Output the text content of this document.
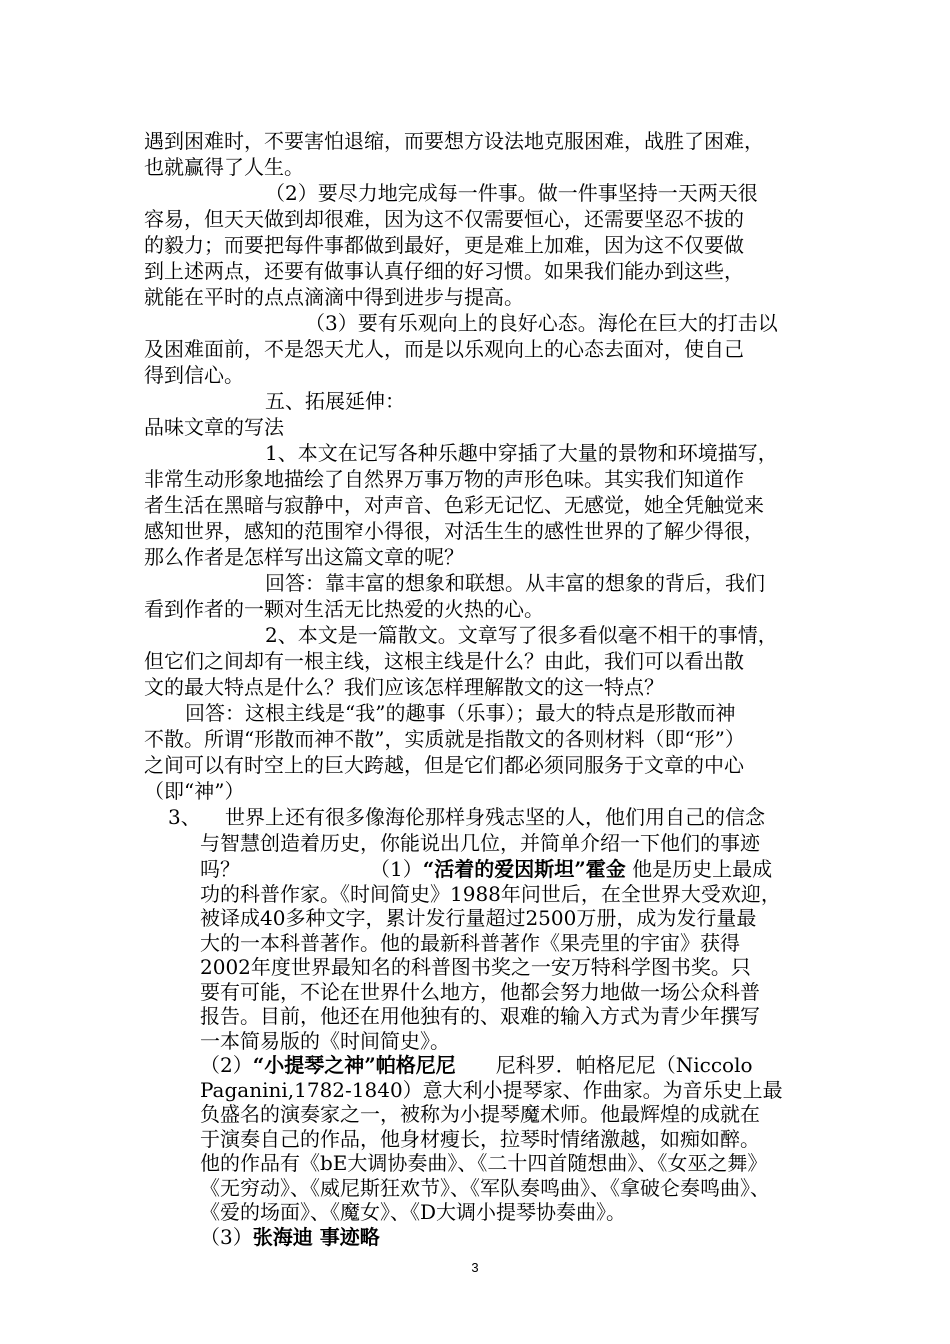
遇到困难时，不要害怕退缩，而要想方设法地克服困难，战胜了困难，
也就赢得了人生。
（2）要尽力地完成每一件事。做一件事坚持一天两天很
容易，但天天做到却很难，因为这不仅需要恒心，还需要坚忍不拔的
的毅力；而要把每件事都做到最好，更是难上加难，因为这不仅要做
到上述两点，还要有做事认真仔细的好习惯。如果我们能办到这些，
就能在平时的点点滴滴中得到进步与提高。
（3）要有乐观向上的良好心态。海伦在巨大的打击以
及困难面前，不是怨天尤人，而是以乐观向上的心态去面对，使自己
得到信心。
五、拓展延伸：
品味文章的写法
1、本文在记写各种乐趣中穿插了大量的景物和环境描写，
非常生动形象地描绘了自然界万事万物的声形色味。其实我们知道作
者生活在黑暗与寂静中，对声音、色彩无记忆、无感觉，她全凭触觉来
感知世界，感知的范围窄小得很，对活生生的感性世界的了解少得很，
那么作者是怎样写出这篇文章的呢？
回答：靠丰富的想象和联想。从丰富的想象的背后，我们
看到作者的一颗对生活无比热爱的火热的心。
2、本文是一篇散文。文章写了很多看似毫不相干的事情，
但它们之间却有一根主线，这根主线是什么？由此，我们可以看出散
文的最大特点是什么？我们应该怎样理解散文的这一特点？
回答：这根主线是“我”的趣事（乐事）；最大的特点是形散而神
不散。所谓“形散而神不散”，实质就是指散文的各则材料（即“形”）
之间可以有时空上的巨大跨越，但是它们都必须同服务于文章的中心
（即“神”）
3、	世界上还有很多像海伦那样身残志坚的人，他们用自己的信念
与智慧创造着历史，你能说出几位，并简单介绍一下他们的事迹
吗？	（1）“活着的爱因斯坦”霍金 他是历史上最成
功的科普作家。《时间简史》1988年问世后，在全世界大受欢迎，
被译成40多种文字，累计发行量超过2500万册，成为发行量最
大的一本科普著作。他的最新科普著作《果壳里的宇宙》获得
2002年度世界最知名的科普图书奖之一安万特科学图书奖。只
要有可能，不论在世界什么地方，他都会努力地做一场公众科普
报告。目前，他还在用他独有的、艰难的输入方式为青少年撰写
一本简易版的《时间简史》。
（2）“小提琴之神”帕格尼尼 尼科罗．帕格尼尼（Niccolo
Paganini,1782-1840）意大利小提琴家、作曲家。为音乐史上最
负盛名的演奏家之一，被称为小提琴魔术师。他最辉煌的成就在
于演奏自己的作品，他身材瘦长，拉琴时情绪激越，如痴如醉。
他的作品有《bE大调协奏曲》、《二十四首随想曲》、《女巫之舞》
《无穷动》、《威尼斯狂欢节》、《军队奏鸣曲》、《拿破仑奏鸣曲》、
《爱的场面》、《魔女》、《D大调小提琴协奏曲》。
3
（3）张海迪 事迹略
